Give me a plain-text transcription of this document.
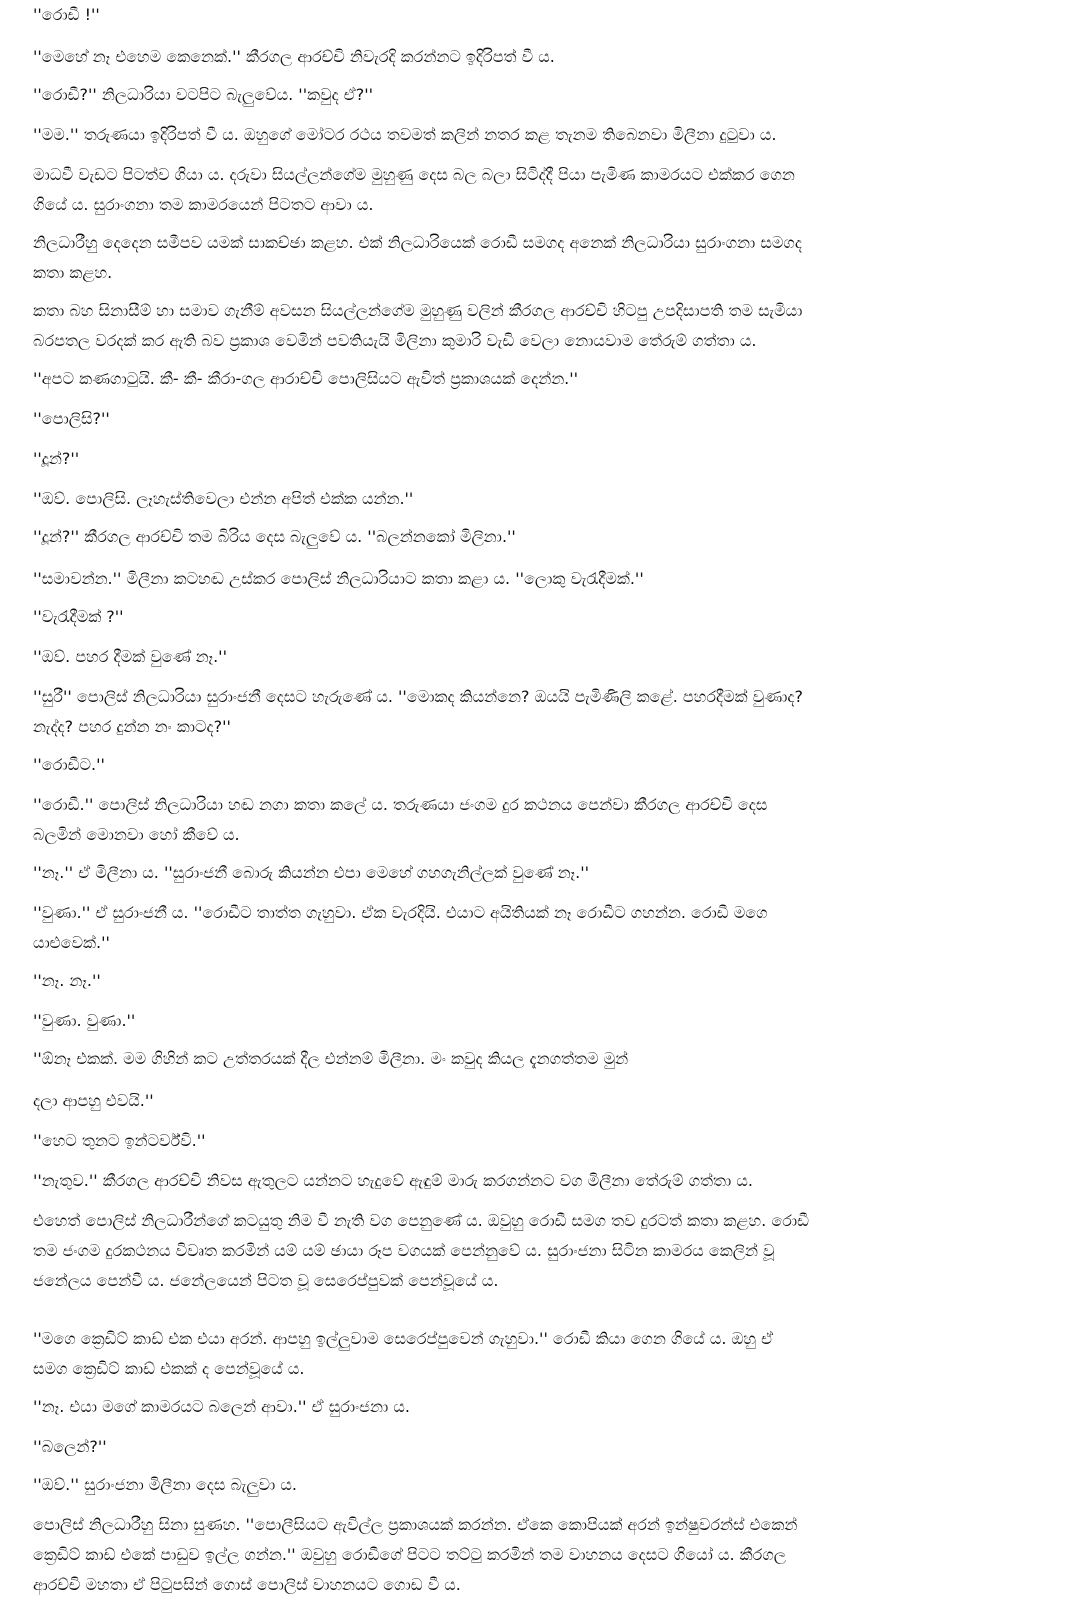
''රොඩී !''

''මෙහේ නෑ එහෙම කෙනෙක්.'' කීරගල ආරච්චි නිවැරදි කරන්නට ඉදිරිපත් වී ය.

''රොඩී?'' නිලධාරියා වටපිට බැලුවේය. ''කවුද ඒ?''

''මම.'' තරුණයා ඉදිරිපත් වී ය. ඔහුගේ මෝටර රථය තවමත් කලින් නතර කළ තැනම තිබෙනවා මිලීනා දුටුවා ය.

මාධවී වැඩට පිටත්ව ගියා ය. දරුවා සියල්ලන්ගේම මුහුණු දෙස බල බලා සිටිද්දී පියා පැමිණ කාමරයට එක්කර ගෙන
ගියේ ය. සුරාංගනා තම කාමරයෙන් පිටතට ආවා ය.

නිලධාරීහු දෙදෙන සමීපව යමක් සාකච්ඡා කළහ. එක් නිලධාරියෙක් රොඩී සමගද අනෙක් නිලධාරියා සුරාංගනා සමගද
කතා කළහ.

කතා බහ සිනාසීම් හා සමාව ගැනීම් අවසන සියල්ලන්ගේම මුහුණු වලින් කීරගල ආරච්චි හිටපු උපදිසාපති තම සැමියා
බරපතල වරදක් කර ඇති බව ප්‍රකාශ වෙමින් පවතියැයි මිලිනා කුමාරි වැඩි වෙලා නොයවාම තේරුම් ගත්තා ය.

''අපට කණගාටුයි. කී- කී- කීරා-ගල ආරාච්චි පොලිසියට ඇවිත් ප්‍රකාශයක් දෙන්න.''

''පොලිසි?''

''දූන්?''

''ඔව්. පොලිසි. ලෑහැස්තිවෙලා එන්න අපිත් එක්ක යන්න.''

''දූන්?'' කීරගල ආරච්චි තම බිරිය දෙස බැලුවේ ය. ''බලන්නකෝ මිලිනා.''

''සමාවන්න.'' මිලීනා කටහඬ උස්කර පොලිස් නිලධාරියාට කතා කළා ය. ''ලොකු වැරැදීමක්.''

''වැරැදීමක් ?''

''ඔව්. පහර දීමක් වුණේ නෑ.''

''සුරී'' පොලිස් නිලධාරියා සුරාංජනී දෙසට හැරුණේ ය. ''මොකද කියන්නෙ? ඔයයි පැමිණිලි කළේ. පහරදීමක් වුණාද?
නැද්ද? පහර දුන්න නං කාටද?''

''රොඩීට.''

''රොඩී.'' පොලිස් නිලධාරියා හඬ නගා කතා කලේ ය. තරුණයා ජංගම දුර කථනය පෙන්වා කීරගල ආරච්චි දෙස
බලමින් මොනවා හෝ කීවේ ය.

''නෑ.'' ඒ මිලීනා ය. ''සුරාංජනී බොරු කියන්න එපා මෙහේ ගහගැනිල්ලක් වුණේ නෑ.''

''වුණා.'' ඒ සුරාංජනී ය. ''රොඩීට තාත්ත ගැහුවා. ඒක වැරදියි. එයාට අයිතියක් නෑ රොඩීට ගහන්න. රොඩී මගෙ
යාළුවෙක්.''

''නෑ. නෑ.''

''වුණා. වුණා.''

''ඕනෑ එකක්. මම ගිහින් කට උත්තරයක් දීල එන්නම් මිලීනා. මං කවුද කියල දැනගත්තම මුන්

දලා ආපහු එවයි.''

''හෙට තුනට ඉන්ටර්ව්වි.''

''නැතුව.'' කීරගල ආරච්චි නිවස ඇතුලට යන්නට හැදුවේ ඇඳුම් මාරු කරගන්නට වග මිලීනා තේරුම් ගත්තා ය.

එහෙත් පොලිස් නිලධාරීන්ගේ කටයුතු නිම වී නැති වග පෙනුණේ ය. ඔවුහු රොඩී සමග තව දුරටත් කතා කළහ. රොඩී
තම ජංගම දුරකථනය විවෘත කරමින් යම් යම් ඡායා රූප වගයක් පෙන්නුවේ ය. සුරාංජනා සිටින කාමරය කෙලින් වූ
ජනේලය පෙන්වී ය. ජනේලයෙන් පිටත වූ සෙරෙප්පුවක් පෙන්වූයේ ය.

''මගෙ ක්‍රෙඩිට් කාඩ් එක එයා අරන්. ආපහු ඉල්ලුවාම සෙරෙප්පුවෙන් ගැහුවා.'' රොඩී කියා ගෙන ගියේ ය. ඔහු ඒ
සමග ක්‍රෙඩිට් කාඩ් එකක් ද පෙන්වූයේ ය.

''නෑ. එයා මගේ කාමරයට බලෙන් ආවා.'' ඒ සුරාංජනා ය.

''බලෙන්?''

''ඔව්.'' සුරාංජනා මිලීනා දෙස බැලුවා ය.

පොලිස් නිලධාරීහු සිනා සුණහ. ''පොලීසියට ඇවිල්ල ප්‍රකාශයක් කරන්න. ඒකෙ කොපියක් අරන් ඉන්ෂුවරන්ස් එකෙන්
ක්‍රෙඩිට් කාඩ් එකේ පාඩුව ඉල්ල ගන්න.'' ඔවුහු රොඩීගේ පිටට තට්ටු කරමින් තම වාහනය දෙසට ගියෝ ය. කීරගල
ආරච්චි මහතා ඒ පිටුපසින් ගොස් පොලිස් වාහනයට ගොඩ වී ය.
